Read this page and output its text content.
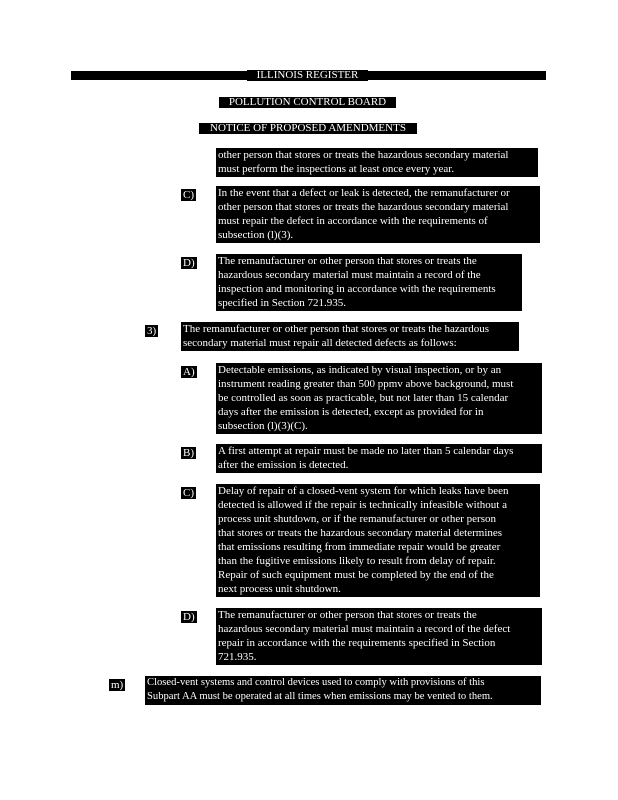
ILLINOIS REGISTER
POLLUTION CONTROL BOARD
NOTICE OF PROPOSED AMENDMENTS
other person that stores or treats the hazardous secondary material
must perform the inspections at least once every year.
C) In the event that a defect or leak is detected, the remanufacturer or
other person that stores or treats the hazardous secondary material
must repair the defect in accordance with the requirements of
subsection (l)(3).
D) The remanufacturer or other person that stores or treats the
hazardous secondary material must maintain a record of the
inspection and monitoring in accordance with the requirements
specified in Section 721.935.
3) The remanufacturer or other person that stores or treats the hazardous
secondary material must repair all detected defects as follows:
A) Detectable emissions, as indicated by visual inspection, or by an
instrument reading greater than 500 ppmv above background, must
be controlled as soon as practicable, but not later than 15 calendar
days after the emission is detected, except as provided for in
subsection (l)(3)(C).
B) A first attempt at repair must be made no later than 5 calendar days
after the emission is detected.
C) Delay of repair of a closed-vent system for which leaks have been
detected is allowed if the repair is technically infeasible without a
process unit shutdown, or if the remanufacturer or other person
that stores or treats the hazardous secondary material determines
that emissions resulting from immediate repair would be greater
than the fugitive emissions likely to result from delay of repair.
Repair of such equipment must be completed by the end of the
next process unit shutdown.
D) The remanufacturer or other person that stores or treats the
hazardous secondary material must maintain a record of the defect
repair in accordance with the requirements specified in Section
721.935.
m) Closed-vent systems and control devices used to comply with provisions of this
Subpart AA must be operated at all times when emissions may be vented to them.
